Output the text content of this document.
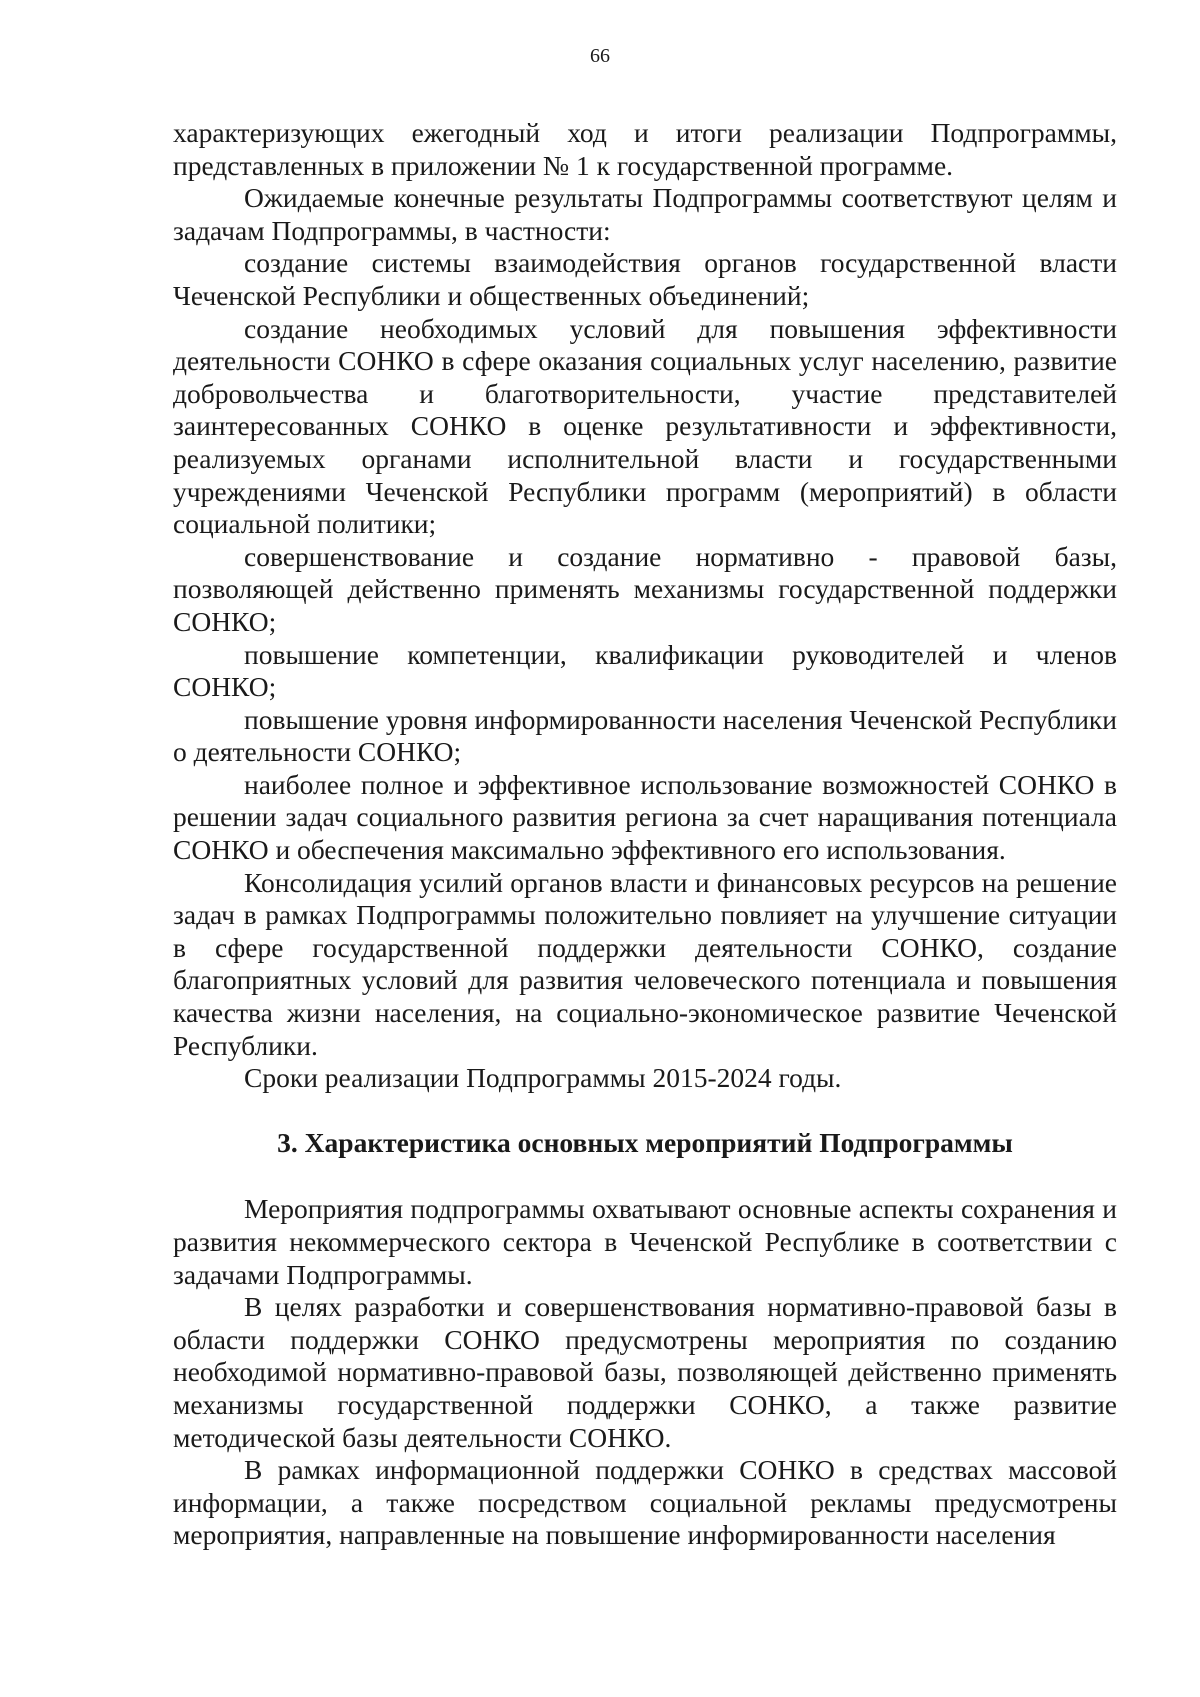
66

характеризующих ежегодный ход и итоги реализации Подпрограммы, представленных в приложении № 1 к государственной программе.

Ожидаемые конечные результаты Подпрограммы соответствуют целям и задачам Подпрограммы, в частности:

создание системы взаимодействия органов государственной власти Чеченской Республики и общественных объединений;

создание необходимых условий для повышения эффективности деятельности СОНКО в сфере оказания социальных услуг населению, развитие добровольчества и благотворительности, участие представителей заинтересованных СОНКО в оценке результативности и эффективности, реализуемых органами исполнительной власти и государственными учреждениями Чеченской Республики программ (мероприятий) в области социальной политики;

совершенствование и создание нормативно - правовой базы, позволяющей действенно применять механизмы государственной поддержки СОНКО;

повышение компетенции, квалификации руководителей и членов СОНКО;

повышение уровня информированности населения Чеченской Республики о деятельности СОНКО;

наиболее полное и эффективное использование возможностей СОНКО в решении задач социального развития региона за счет наращивания потенциала СОНКО и обеспечения максимально эффективного его использования.

Консолидация усилий органов власти и финансовых ресурсов на решение задач в рамках Подпрограммы положительно повлияет на улучшение ситуации в сфере государственной поддержки деятельности СОНКО, создание благоприятных условий для развития человеческого потенциала и повышения качества жизни населения, на социально-экономическое развитие Чеченской Республики.

Сроки реализации Подпрограммы 2015-2024 годы.

3. Характеристика основных мероприятий Подпрограммы

Мероприятия подпрограммы охватывают основные аспекты сохранения и развития некоммерческого сектора в Чеченской Республике в соответствии с задачами Подпрограммы.

В целях разработки и совершенствования нормативно-правовой базы в области поддержки СОНКО предусмотрены мероприятия по созданию необходимой нормативно-правовой базы, позволяющей действенно применять механизмы государственной поддержки СОНКО, а также развитие методической базы деятельности СОНКО.

В рамках информационной поддержки СОНКО в средствах массовой информации, а также посредством социальной рекламы предусмотрены мероприятия, направленные на повышение информированности населения
